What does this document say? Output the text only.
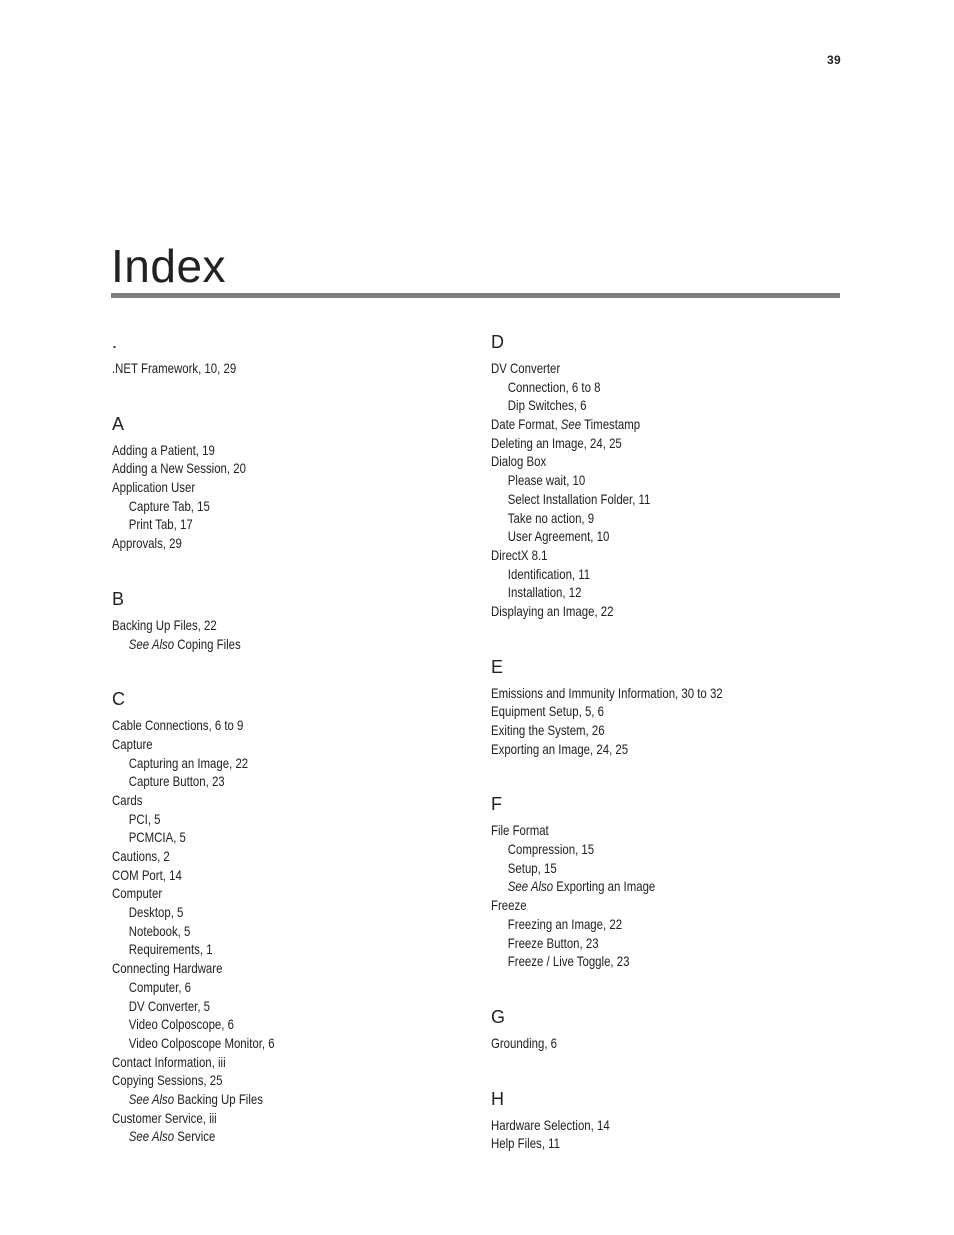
39
Index
.
.NET Framework, 10, 29
A
Adding a Patient, 19
Adding a New Session, 20
Application User
Capture Tab, 15
Print Tab, 17
Approvals, 29
B
Backing Up Files, 22
See Also Coping Files
C
Cable Connections, 6 to 9
Capture
Capturing an Image, 22
Capture Button, 23
Cards
PCI, 5
PCMCIA, 5
Cautions, 2
COM Port, 14
Computer
Desktop, 5
Notebook, 5
Requirements, 1
Connecting Hardware
Computer, 6
DV Converter, 5
Video Colposcope, 6
Video Colposcope Monitor, 6
Contact Information, iii
Copying Sessions, 25
See Also Backing Up Files
Customer Service, iii
See Also Service
D
DV Converter
Connection, 6 to 8
Dip Switches, 6
Date Format, See Timestamp
Deleting an Image, 24, 25
Dialog Box
Please wait, 10
Select Installation Folder, 11
Take no action, 9
User Agreement, 10
DirectX 8.1
Identification, 11
Installation, 12
Displaying an Image, 22
E
Emissions and Immunity Information, 30 to 32
Equipment Setup, 5, 6
Exiting the System, 26
Exporting an Image, 24, 25
F
File Format
Compression, 15
Setup, 15
See Also Exporting an Image
Freeze
Freezing an Image, 22
Freeze Button, 23
Freeze / Live Toggle, 23
G
Grounding, 6
H
Hardware Selection, 14
Help Files, 11
